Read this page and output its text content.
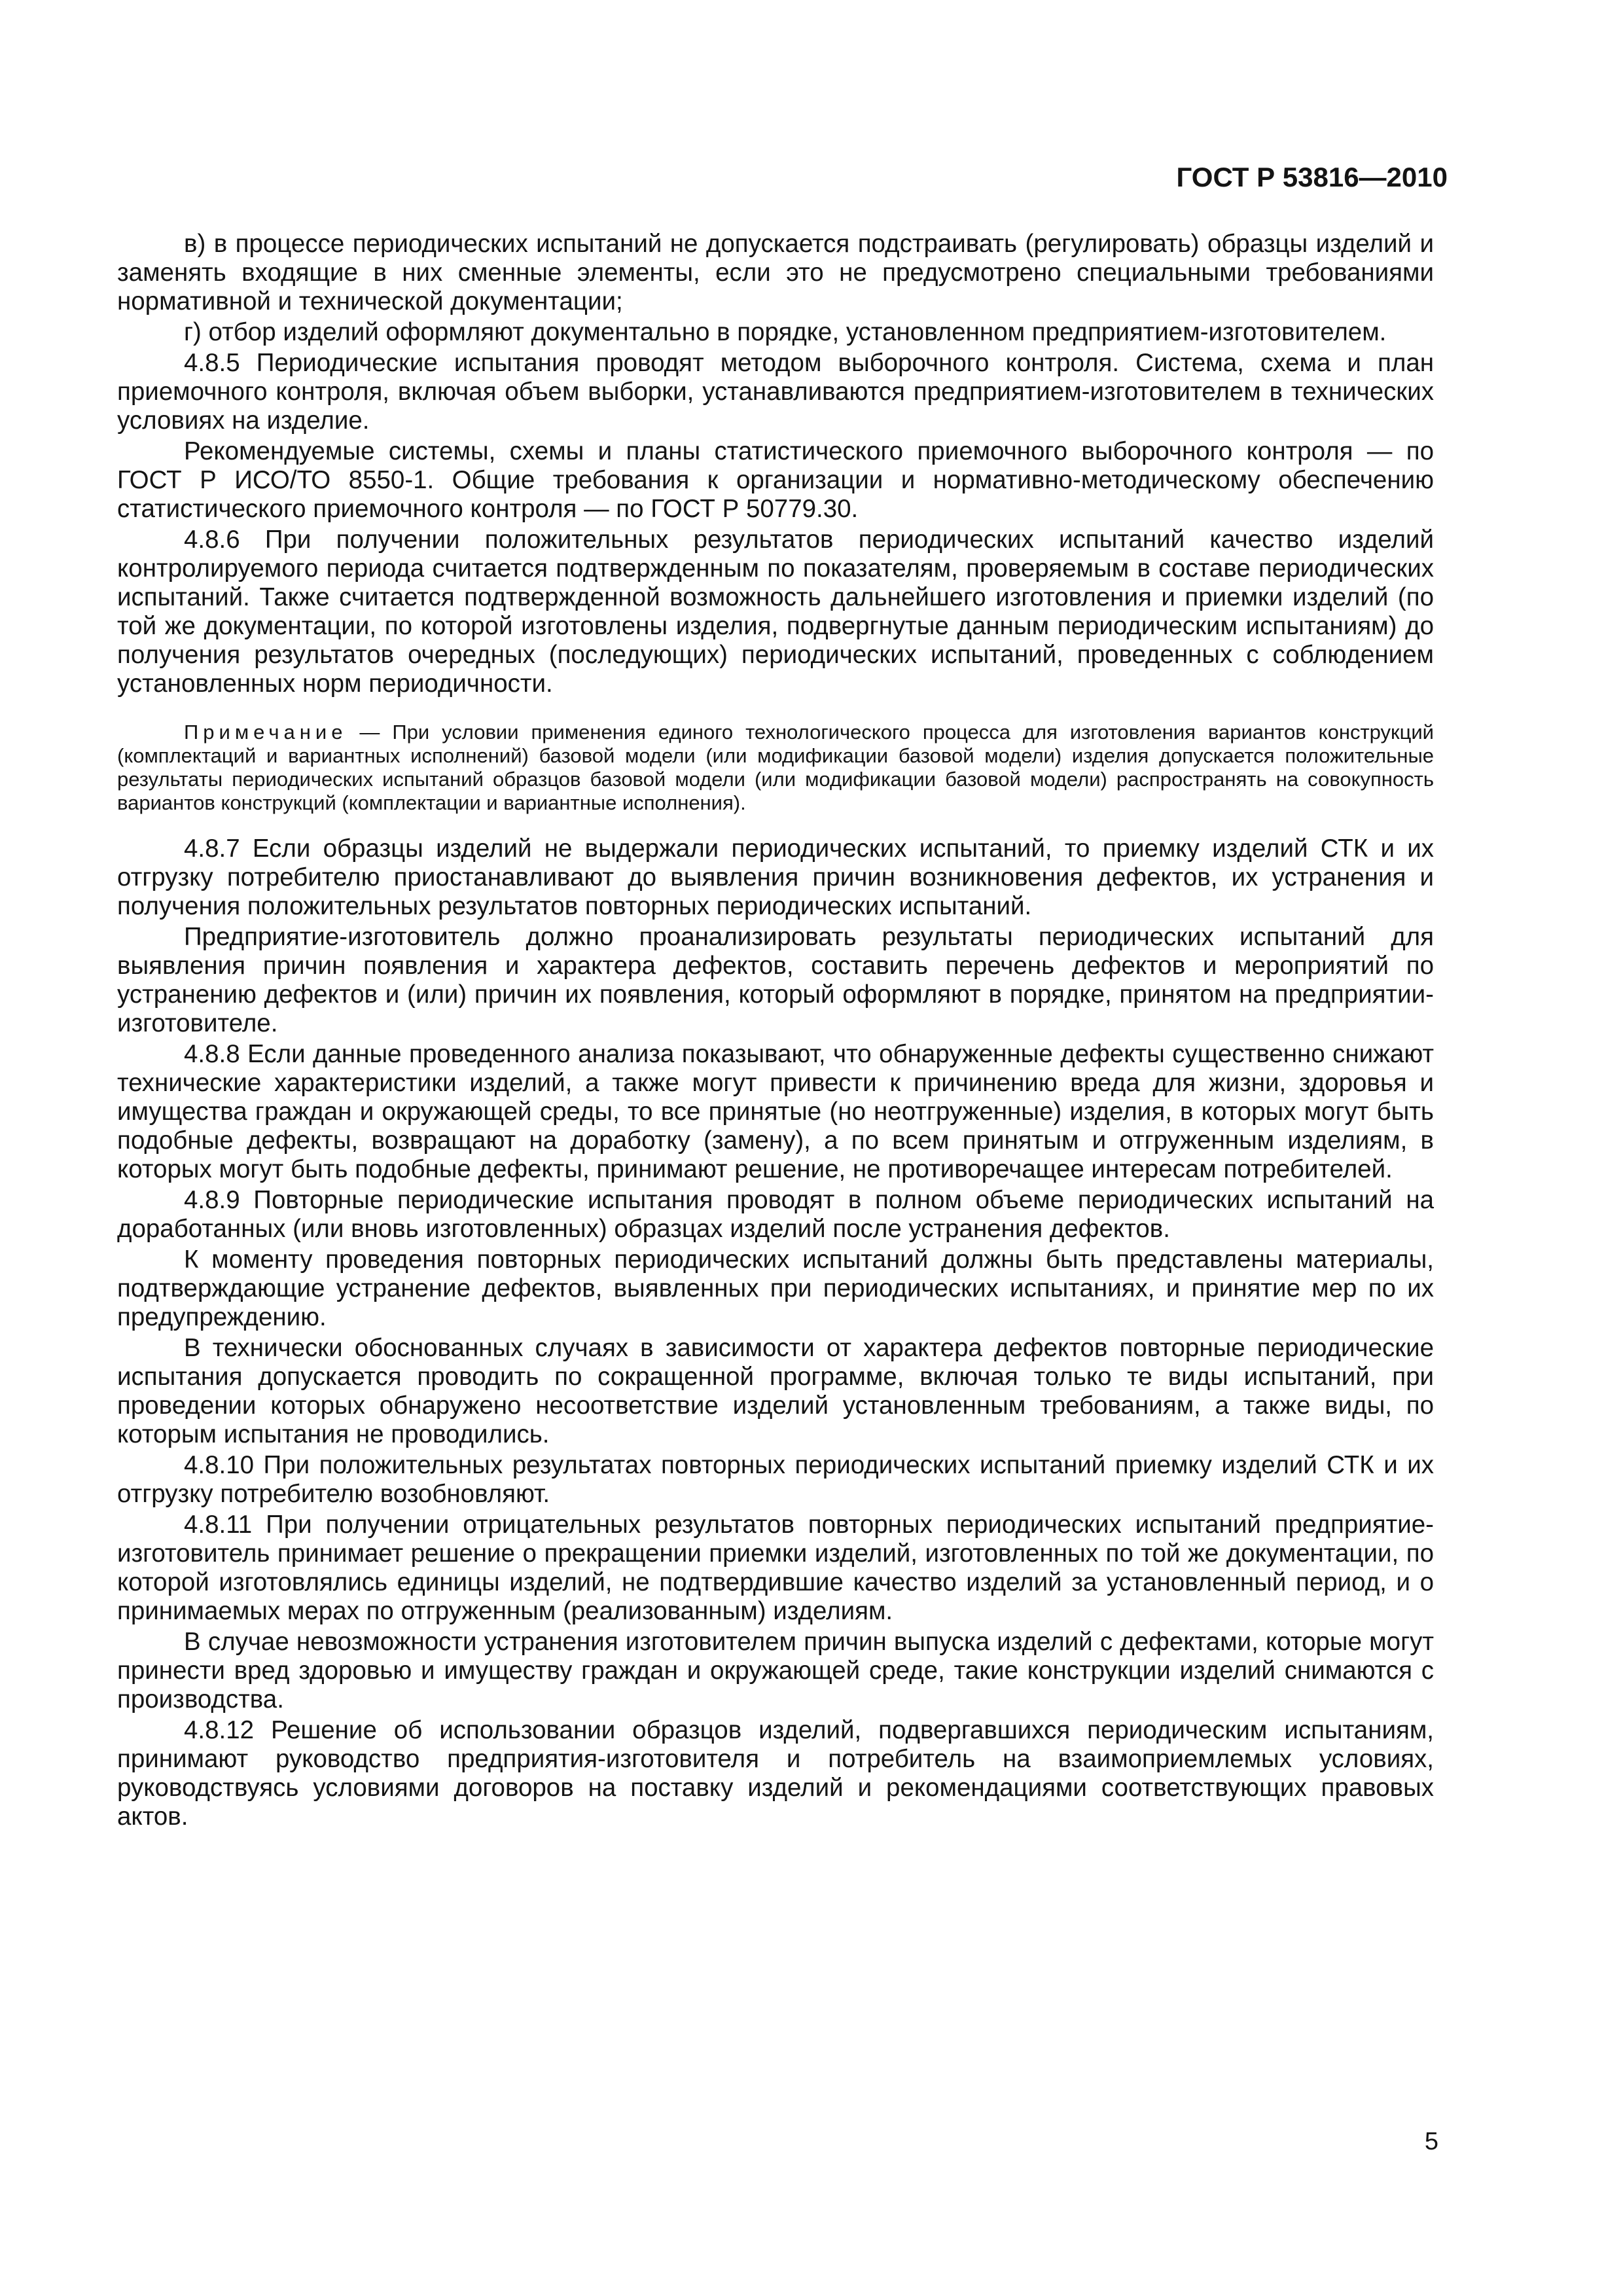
ГОСТ Р 53816—2010

в) в процессе периодических испытаний не допускается подстраивать (регулировать) образцы изделий и заменять входящие в них сменные элементы, если это не предусмотрено специальными требованиями нормативной и технической документации;

г) отбор изделий оформляют документально в порядке, установленном предприятием-изготовителем.

4.8.5 Периодические испытания проводят методом выборочного контроля. Система, схема и план приемочного контроля, включая объем выборки, устанавливаются предприятием-изготовителем в технических условиях на изделие.

Рекомендуемые системы, схемы и планы статистического приемочного выборочного контроля — по ГОСТ Р ИСО/ТО 8550-1. Общие требования к организации и нормативно-методическому обеспечению статистического приемочного контроля — по ГОСТ Р 50779.30.

4.8.6 При получении положительных результатов периодических испытаний качество изделий контролируемого периода считается подтвержденным по показателям, проверяемым в составе периодических испытаний. Также считается подтвержденной возможность дальнейшего изготовления и приемки изделий (по той же документации, по которой изготовлены изделия, подвергнутые данным периодическим испытаниям) до получения результатов очередных (последующих) периодических испытаний, проведенных с соблюдением установленных норм периодичности.

Примечание — При условии применения единого технологического процесса для изготовления вариантов конструкций (комплектаций и вариантных исполнений) базовой модели (или модификации базовой модели) изделия допускается положительные результаты периодических испытаний образцов базовой модели (или модификации базовой модели) распространять на совокупность вариантов конструкций (комплектации и вариантные исполнения).

4.8.7 Если образцы изделий не выдержали периодических испытаний, то приемку изделий СТК и их отгрузку потребителю приостанавливают до выявления причин возникновения дефектов, их устранения и получения положительных результатов повторных периодических испытаний.

Предприятие-изготовитель должно проанализировать результаты периодических испытаний для выявления причин появления и характера дефектов, составить перечень дефектов и мероприятий по устранению дефектов и (или) причин их появления, который оформляют в порядке, принятом на предприятии-изготовителе.

4.8.8 Если данные проведенного анализа показывают, что обнаруженные дефекты существенно снижают технические характеристики изделий, а также могут привести к причинению вреда для жизни, здоровья и имущества граждан и окружающей среды, то все принятые (но неотгруженные) изделия, в которых могут быть подобные дефекты, возвращают на доработку (замену), а по всем принятым и отгруженным изделиям, в которых могут быть подобные дефекты, принимают решение, не противоречащее интересам потребителей.

4.8.9 Повторные периодические испытания проводят в полном объеме периодических испытаний на доработанных (или вновь изготовленных) образцах изделий после устранения дефектов.

К моменту проведения повторных периодических испытаний должны быть представлены материалы, подтверждающие устранение дефектов, выявленных при периодических испытаниях, и принятие мер по их предупреждению.

В технически обоснованных случаях в зависимости от характера дефектов повторные периодические испытания допускается проводить по сокращенной программе, включая только те виды испытаний, при проведении которых обнаружено несоответствие изделий установленным требованиям, а также виды, по которым испытания не проводились.

4.8.10 При положительных результатах повторных периодических испытаний приемку изделий СТК и их отгрузку потребителю возобновляют.

4.8.11 При получении отрицательных результатов повторных периодических испытаний предприятие-изготовитель принимает решение о прекращении приемки изделий, изготовленных по той же документации, по которой изготовлялись единицы изделий, не подтвердившие качество изделий за установленный период, и о принимаемых мерах по отгруженным (реализованным) изделиям.

В случае невозможности устранения изготовителем причин выпуска изделий с дефектами, которые могут принести вред здоровью и имуществу граждан и окружающей среде, такие конструкции изделий снимаются с производства.

4.8.12 Решение об использовании образцов изделий, подвергавшихся периодическим испытаниям, принимают руководство предприятия-изготовителя и потребитель на взаимоприемлемых условиях, руководствуясь условиями договоров на поставку изделий и рекомендациями соответствующих правовых актов.

5
